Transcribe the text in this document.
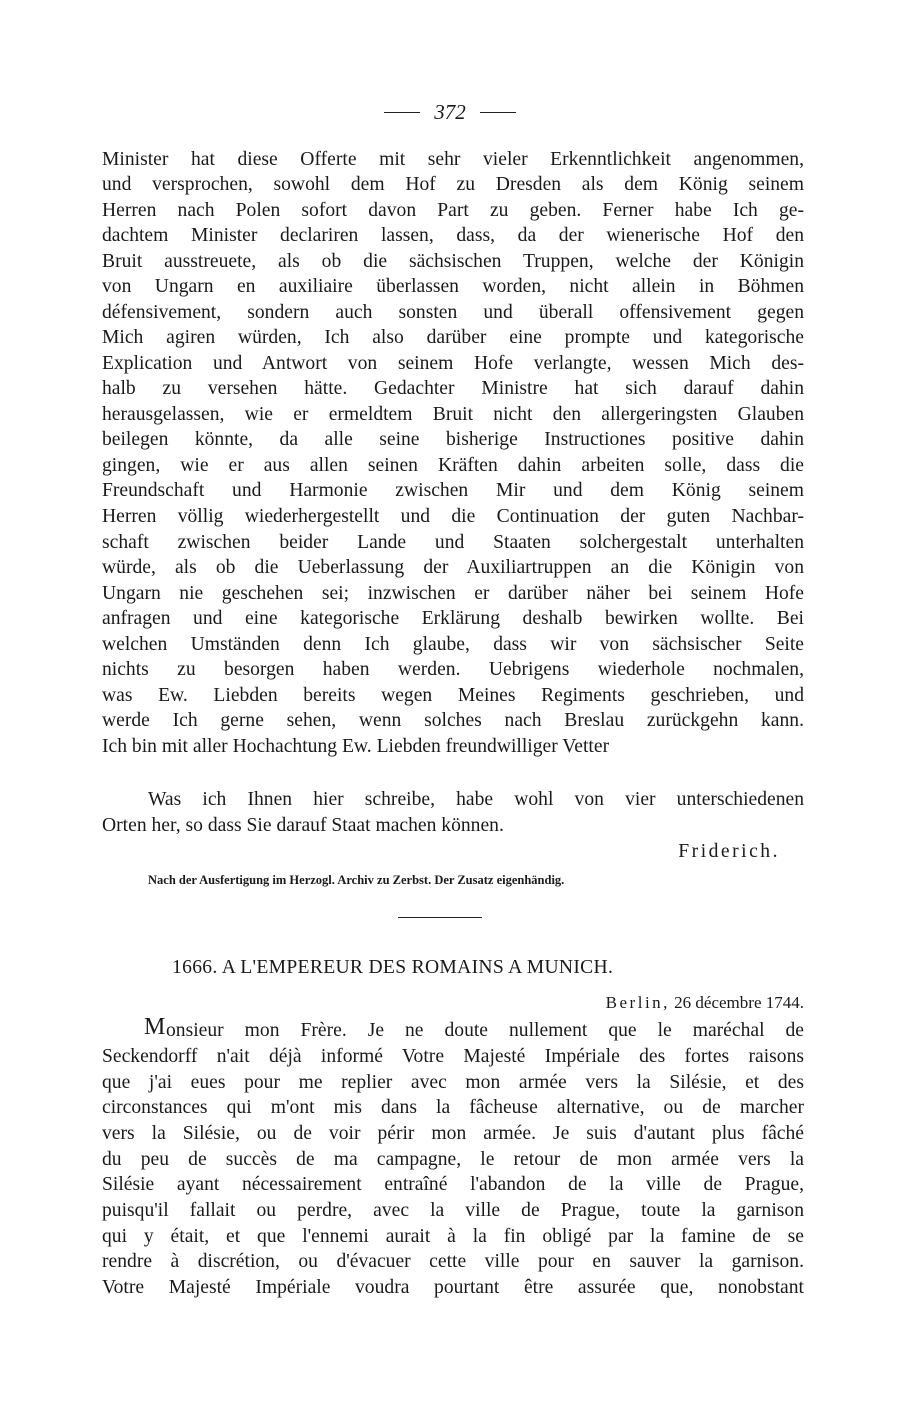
372
Minister hat diese Offerte mit sehr vieler Erkenntlichkeit angenommen,
und versprochen, sowohl dem Hof zu Dresden als dem König seinem
Herren nach Polen sofort davon Part zu geben. Ferner habe Ich ge-
dachtem Minister declariren lassen, dass, da der wienerische Hof den
Bruit ausstreuete, als ob die sächsischen Truppen, welche der Königin
von Ungarn en auxiliaire überlassen worden, nicht allein in Böhmen
défensivement, sondern auch sonsten und überall offensivement gegen
Mich agiren würden, Ich also darüber eine prompte und kategorische
Explication und Antwort von seinem Hofe verlangte, wessen Mich des-
halb zu versehen hätte. Gedachter Ministre hat sich darauf dahin
herausgelassen, wie er ermeldtem Bruit nicht den allergeringsten Glauben
beilegen könnte, da alle seine bisherige Instructiones positive dahin
gingen, wie er aus allen seinen Kräften dahin arbeiten solle, dass die
Freundschaft und Harmonie zwischen Mir und dem König seinem
Herren völlig wiederhergestellt und die Continuation der guten Nachbar-
schaft zwischen beider Lande und Staaten solchergestalt unterhalten
würde, als ob die Ueberlassung der Auxiliartruppen an die Königin von
Ungarn nie geschehen sei; inzwischen er darüber näher bei seinem Hofe
anfragen und eine kategorische Erklärung deshalb bewirken wollte. Bei
welchen Umständen denn Ich glaube, dass wir von sächsischer Seite
nichts zu besorgen haben werden. Uebrigens wiederhole nochmalen,
was Ew. Liebden bereits wegen Meines Regiments geschrieben, und
werde Ich gerne sehen, wenn solches nach Breslau zurückgehn kann.
Ich bin mit aller Hochachtung Ew. Liebden freundwilliger Vetter
Was ich Ihnen hier schreibe, habe wohl von vier unterschiedenen
Orten her, so dass Sie darauf Staat machen können.
Friderich.
Nach der Ausfertigung im Herzogl. Archiv zu Zerbst. Der Zusatz eigenhändig.
1666. A L'EMPEREUR DES ROMAINS A MUNICH.
Berlin, 26 décembre 1744.
M onsieur mon Frère. Je ne doute nullement que le maréchal de
Seckendorff n'ait déjà informé Votre Majesté Impériale des fortes raisons
que j'ai eues pour me replier avec mon armée vers la Silésie, et des
circonstances qui m'ont mis dans la fâcheuse alternative, ou de marcher
vers la Silésie, ou de voir périr mon armée. Je suis d'autant plus fâché
du peu de succès de ma campagne, le retour de mon armée vers la
Silésie ayant nécessairement entraîné l'abandon de la ville de Prague,
puisqu'il fallait ou perdre, avec la ville de Prague, toute la garnison
qui y était, et que l'ennemi aurait à la fin obligé par la famine de se
rendre à discrétion, ou d'évacuer cette ville pour en sauver la garnison.
Votre Majesté Impériale voudra pourtant être assurée que, nonobstant
